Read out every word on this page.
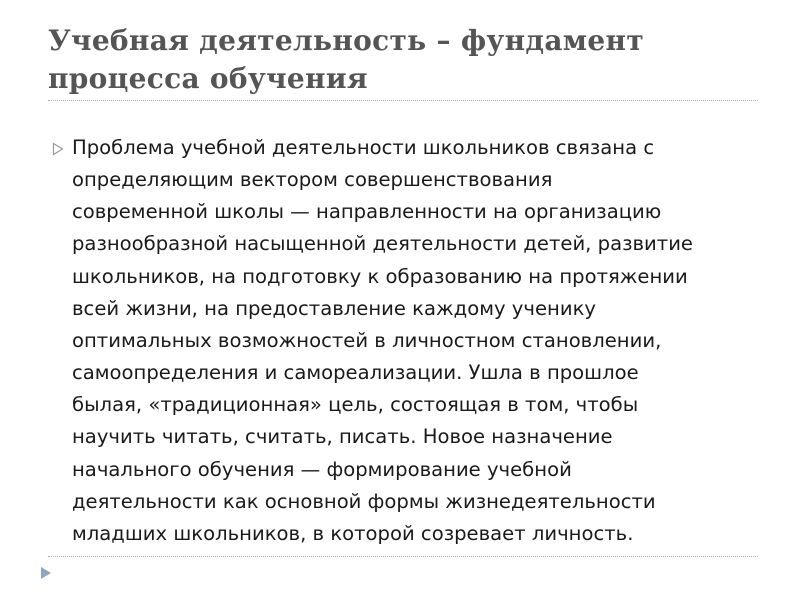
Учебная деятельность – фундамент
процесса обучения
Проблема учебной деятельности школьников связана с
определяющим вектором совершенствования
современной школы — направленности на организацию
разнообразной насыщенной деятельности детей, развитие
школьников, на подготовку к образованию на протяжении
всей жизни, на предоставление каждому ученику
оптимальных возможностей в личностном становлении,
самоопределения и самореализации. Ушла в прошлое
былая, «традиционная» цель, состоящая в том, чтобы
научить читать, считать, писать. Новое назначение
начального обучения — формирование учебной
деятельности как основной формы жизнедеятельности
младших школьников, в которой созревает личность.
